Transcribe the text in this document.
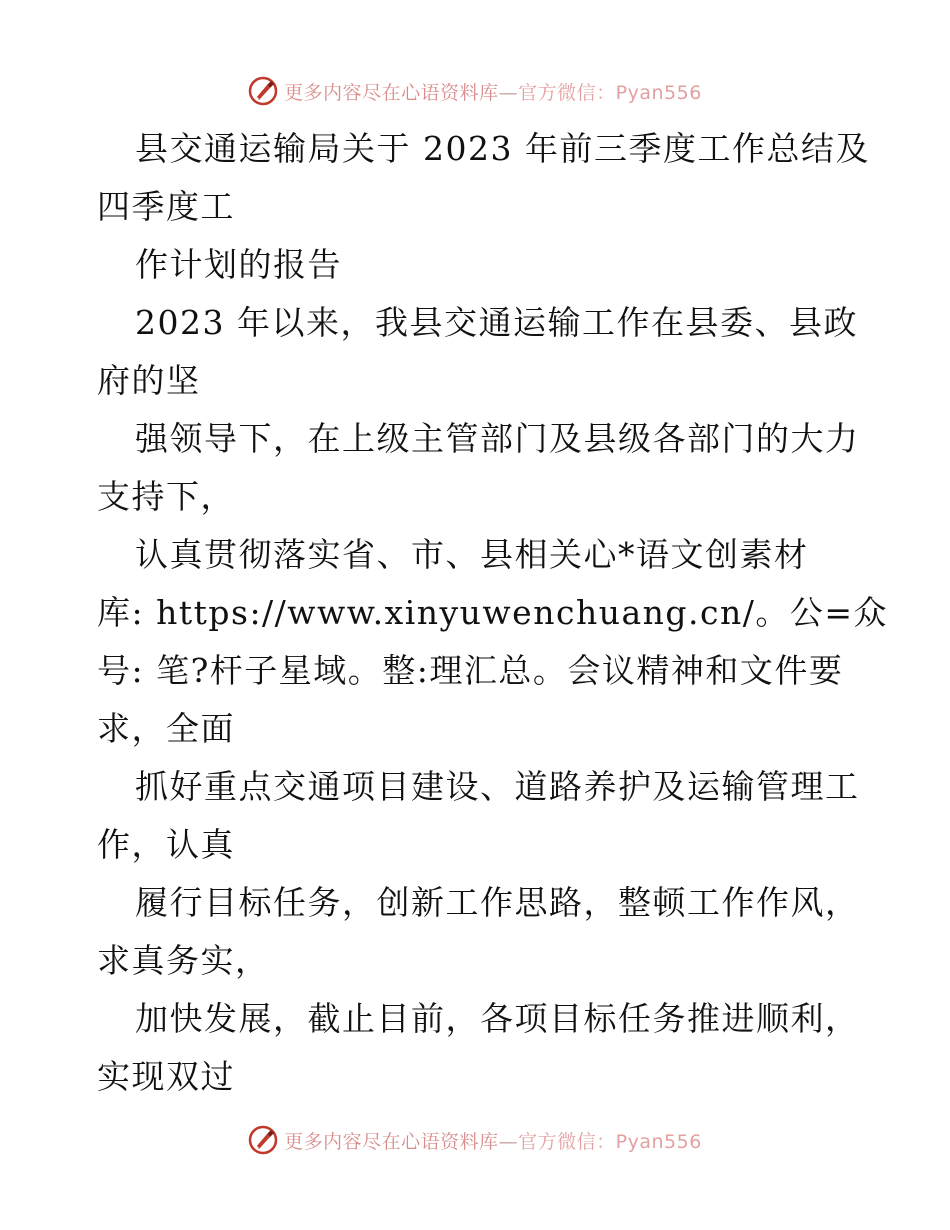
更多内容尽在心语资料库—官方微信：Pyan556
县交通运输局关于 2023 年前三季度工作总结及
四季度工
作计划的报告
2023 年以来，我县交通运输工作在县委、县政
府的坚
强领导下，在上级主管部门及县级各部门的大力
支持下，
认真贯彻落实省、市、县相关心*语文创素材
库: https://www.xinyuwenchuang.cn/。公=众
号: 笔?杆子星域。整:理汇总。会议精神和文件要
求，全面
抓好重点交通项目建设、道路养护及运输管理工
作，认真
履行目标任务，创新工作思路，整顿工作作风，
求真务实，
加快发展，截止目前，各项目标任务推进顺利，
实现双过
更多内容尽在心语资料库—官方微信：Pyan556
